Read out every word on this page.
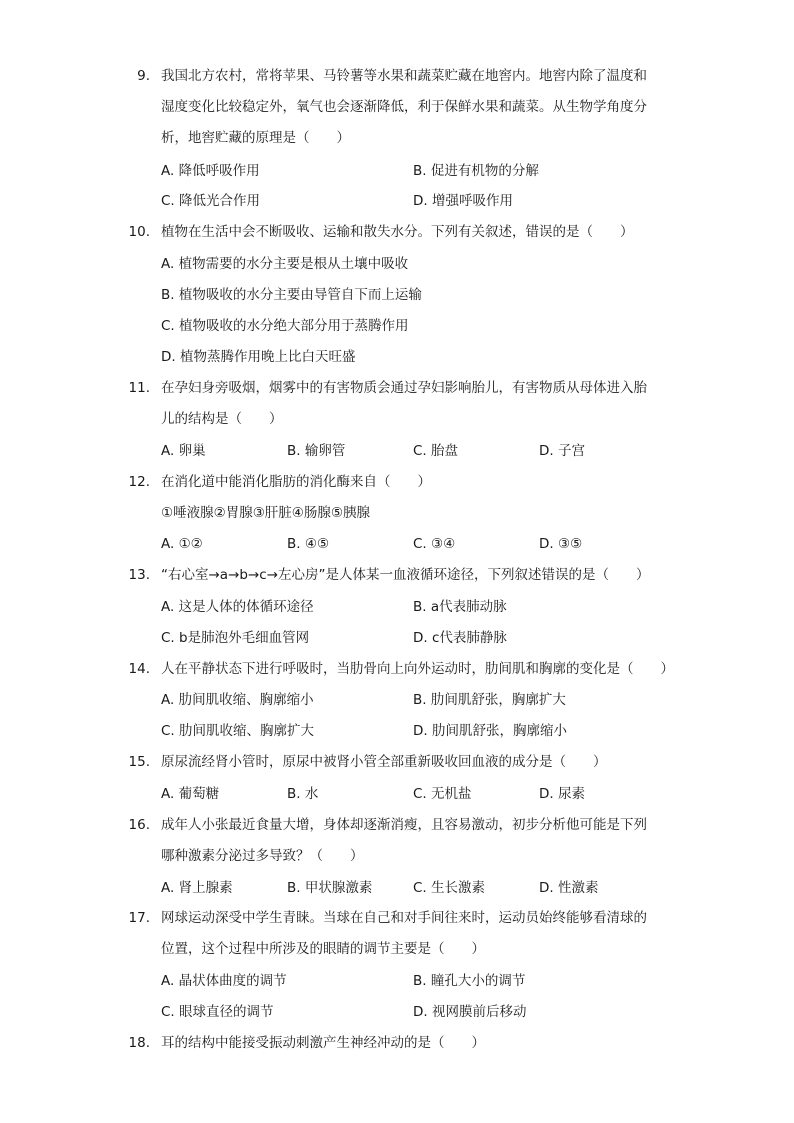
9. 我国北方农村，常将苹果、马铃薯等水果和蔬菜贮藏在地窖内。地窖内除了温度和
湿度变化比较稳定外，氧气也会逐渐降低，利于保鲜水果和蔬菜。从生物学角度分
析，地窖贮藏的原理是（　　）
A. 降低呼吸作用	B. 促进有机物的分解
C. 降低光合作用	D. 增强呼吸作用
10. 植物在生活中会不断吸收、运输和散失水分。下列有关叙述，错误的是（　　）
A. 植物需要的水分主要是根从土壤中吸收
B. 植物吸收的水分主要由导管自下而上运输
C. 植物吸收的水分绝大部分用于蒸腾作用
D. 植物蒸腾作用晚上比白天旺盛
11. 在孕妇身旁吸烟，烟雾中的有害物质会通过孕妇影响胎儿，有害物质从母体进入胎
儿的结构是（　　）
A. 卵巢	B. 输卵管	C. 胎盘	D. 子宫
12. 在消化道中能消化脂肪的消化酶来自（　　）
①唾液腺②胃腺③肝脏④肠腺⑤胰腺
A. ①②	B. ④⑤	C. ③④	D. ③⑤
13. “右心室→a→b→c→左心房”是人体某一血液循环途径，下列叙述错误的是（　　）
A. 这是人体的体循环途径	B. a代表肺动脉
C. b是肺泡外毛细血管网	D. c代表肺静脉
14. 人在平静状态下进行呼吸时，当肋骨向上向外运动时，肋间肌和胸廓的变化是（　　）
A. 肋间肌收缩、胸廓缩小	B. 肋间肌舒张，胸廓扩大
C. 肋间肌收缩、胸廓扩大	D. 肋间肌舒张，胸廓缩小
15. 原尿流经肾小管时，原尿中被肾小管全部重新吸收回血液的成分是（　　）
A. 葡萄糖	B. 水	C. 无机盐	D. 尿素
16. 成年人小张最近食量大增，身体却逐渐消瘦，且容易激动，初步分析他可能是下列
哪种激素分泌过多导致？（　　）
A. 肾上腺素	B. 甲状腺激素	C. 生长激素	D. 性激素
17. 网球运动深受中学生青睐。当球在自己和对手间往来时，运动员始终能够看清球的
位置，这个过程中所涉及的眼睛的调节主要是（　　）
A. 晶状体曲度的调节	B. 瞳孔大小的调节
C. 眼球直径的调节	D. 视网膜前后移动
18. 耳的结构中能接受振动刺激产生神经冲动的是（　　）
